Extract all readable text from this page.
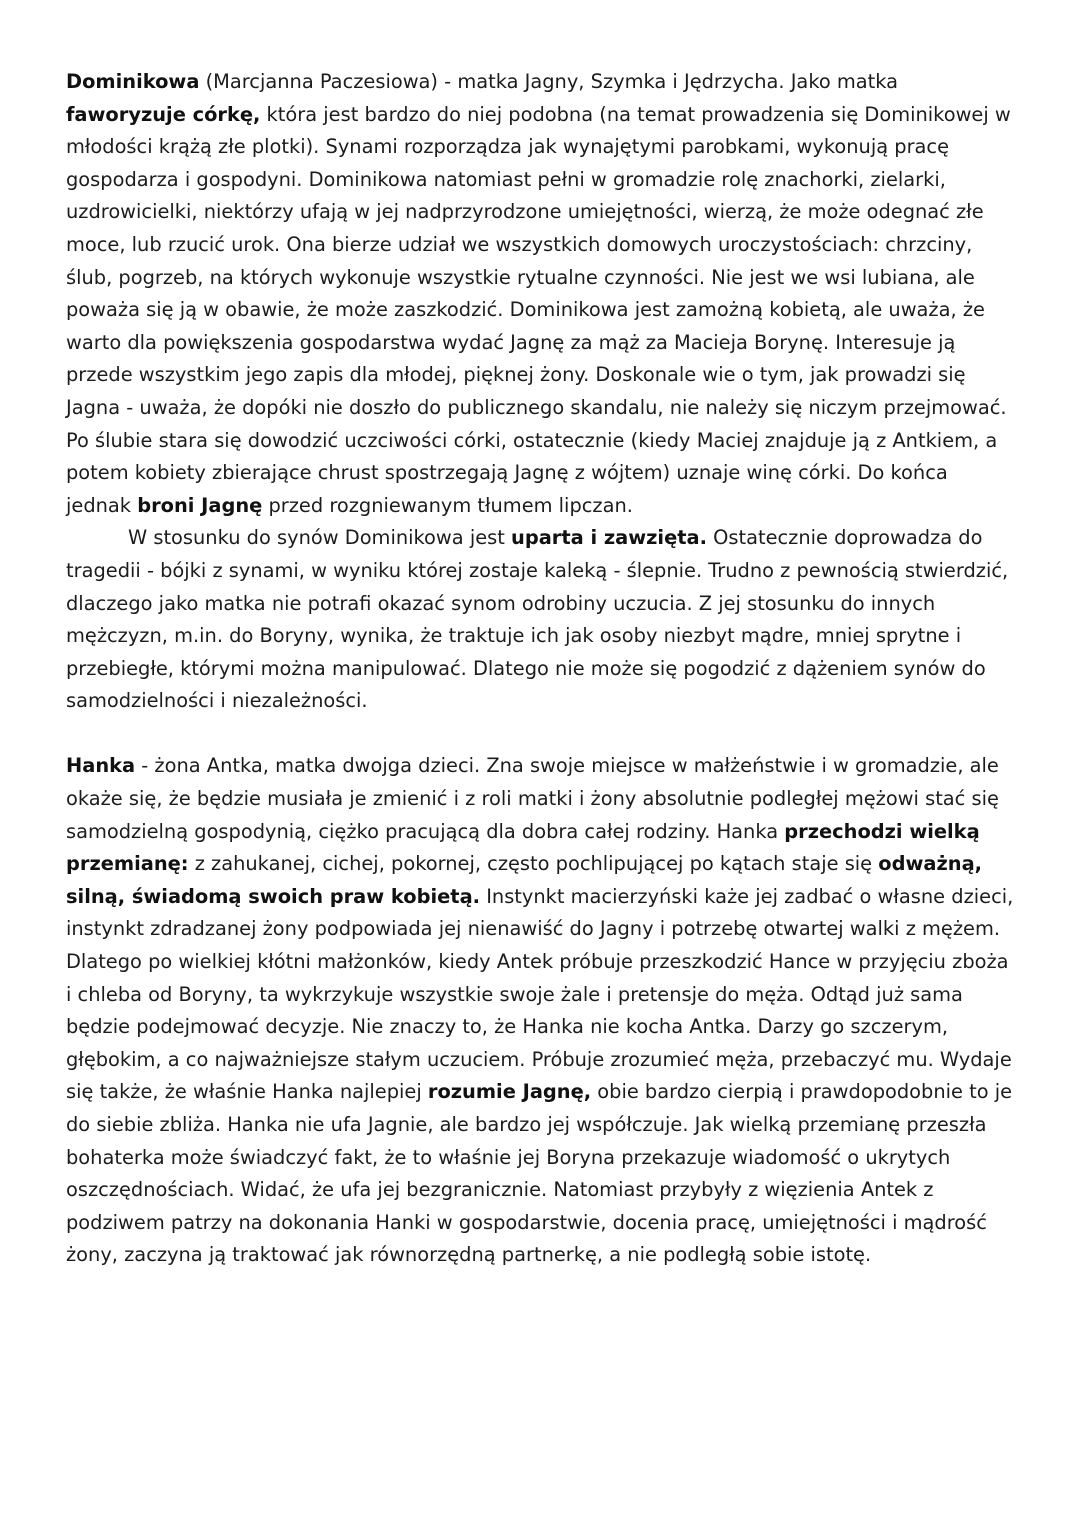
Dominikowa (Marcjanna Paczesiowa) - matka Jagny, Szymka i Jędrzycha. Jako matka faworyzuje córkę, która jest bardzo do niej podobna (na temat prowadzenia się Dominikowej w młodości krążą złe plotki). Synami rozporządza jak wynajętymi parobkami, wykonują pracę gospodarza i gospodyni. Dominikowa natomiast pełni w gromadzie rolę znachorki, zielarki, uzdrowicielki, niektórzy ufają w jej nadprzyrodzone umiejętności, wierzą, że może odegnać złe moce, lub rzucić urok. Ona bierze udział we wszystkich domowych uroczystościach: chrzciny, ślub, pogrzeb, na których wykonuje wszystkie rytualne czynności. Nie jest we wsi lubiana, ale poważa się ją w obawie, że może zaszkodzić. Dominikowa jest zamożną kobietą, ale uważa, że warto dla powiększenia gospodarstwa wydać Jagnę za mąż za Macieja Borynę. Interesuje ją przede wszystkim jego zapis dla młodej, pięknej żony. Doskonale wie o tym, jak prowadzi się Jagna - uważa, że dopóki nie doszło do publicznego skandalu, nie należy się niczym przejmować. Po ślubie stara się dowodzić uczciwości córki, ostatecznie (kiedy Maciej znajduje ją z Antkiem, a potem kobiety zbierające chrust spostrzegają Jagnę z wójtem) uznaje winę córki. Do końca jednak broni Jagnę przed rozgniewanym tłumem lipczan.

W stosunku do synów Dominikowa jest uparta i zawzięta. Ostatecznie doprowadza do tragedii - bójki z synami, w wyniku której zostaje kaleką - ślepnie. Trudno z pewnością stwierdzić, dlaczego jako matka nie potrafi okazać synom odrobiny uczucia. Z jej stosunku do innych mężczyzn, m.in. do Boryny, wynika, że traktuje ich jak osoby niezbyt mądre, mniej sprytne i przebiegłe, którymi można manipulować. Dlatego nie może się pogodzić z dążeniem synów do samodzielności i niezależności.

Hanka - żona Antka, matka dwojga dzieci. Zna swoje miejsce w małżeństwie i w gromadzie, ale okaże się, że będzie musiała je zmienić i z roli matki i żony absolutnie podległej mężowi stać się samodzielną gospodynią, ciężko pracującą dla dobra całej rodziny. Hanka przechodzi wielką przemianę: z zahukanej, cichej, pokornej, często pochlipującej po kątach staje się odważną, silną, świadomą swoich praw kobietą. Instynkt macierzyński każe jej zadbać o własne dzieci, instynkt zdradzanej żony podpowiada jej nienawiść do Jagny i potrzebę otwartej walki z mężem. Dlatego po wielkiej kłótni małżonków, kiedy Antek próbuje przeszkodzić Hance w przyjęciu zboża i chleba od Boryny, ta wykrzykuje wszystkie swoje żale i pretensje do męża. Odtąd już sama będzie podejmować decyzje. Nie znaczy to, że Hanka nie kocha Antka. Darzy go szczerym, głębokim, a co najważniejsze stałym uczuciem. Próbuje zrozumieć męża, przebaczyć mu. Wydaje się także, że właśnie Hanka najlepiej rozumie Jagnę, obie bardzo cierpią i prawdopodobnie to je do siebie zbliża. Hanka nie ufa Jagnie, ale bardzo jej współczuje. Jak wielką przemianę przeszła bohaterka może świadczyć fakt, że to właśnie jej Boryna przekazuje wiadomość o ukrytych oszczędnościach. Widać, że ufa jej bezgranicznie. Natomiast przybyły z więzienia Antek z podziwem patrzy na dokonania Hanki w gospodarstwie, docenia pracę, umiejętności i mądrość żony, zaczyna ją traktować jak równorzędną partnerkę, a nie podległą sobie istotę.
